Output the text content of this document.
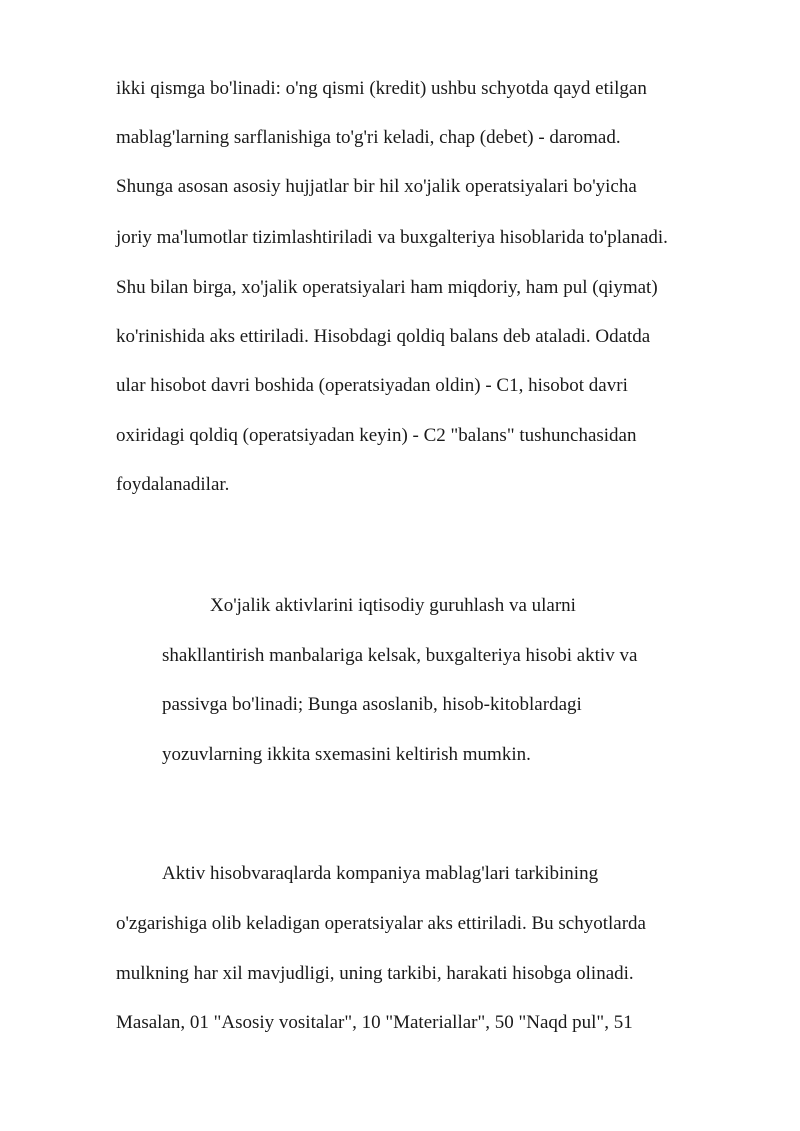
ikki qismga bo'linadi: o'ng qismi (kredit) ushbu schyotda qayd etilgan

mablag'larning sarflanishiga to'g'ri keladi, chap (debet) - daromad.

Shunga asosan asosiy hujjatlar bir hil xo'jalik operatsiyalari bo'yicha

joriy ma'lumotlar tizimlashtiriladi va buxgalteriya hisoblarida to'planadi.

Shu bilan birga, xo'jalik operatsiyalari ham miqdoriy, ham pul (qiymat)

ko'rinishida aks ettiriladi. Hisobdagi qoldiq balans deb ataladi. Odatda

ular hisobot davri boshida (operatsiyadan oldin) - C1, hisobot davri

oxiridagi qoldiq (operatsiyadan keyin) - C2 "balans" tushunchasidan

foydalanadilar.

Xo'jalik aktivlarini iqtisodiy guruhlash va ularni

shakllantirish manbalariga kelsak, buxgalteriya hisobi aktiv va

passivga bo'linadi; Bunga asoslanib, hisob-kitoblardagi

yozuvlarning ikkita sxemasini keltirish mumkin.

Aktiv hisobvaraqlarda kompaniya mablag'lari tarkibining

o'zgarishiga olib keladigan operatsiyalar aks ettiriladi. Bu schyotlarda

mulkning har xil mavjudligi, uning tarkibi, harakati hisobga olinadi.

Masalan, 01 "Asosiy vositalar", 10 "Materiallar", 50 "Naqd pul", 51
